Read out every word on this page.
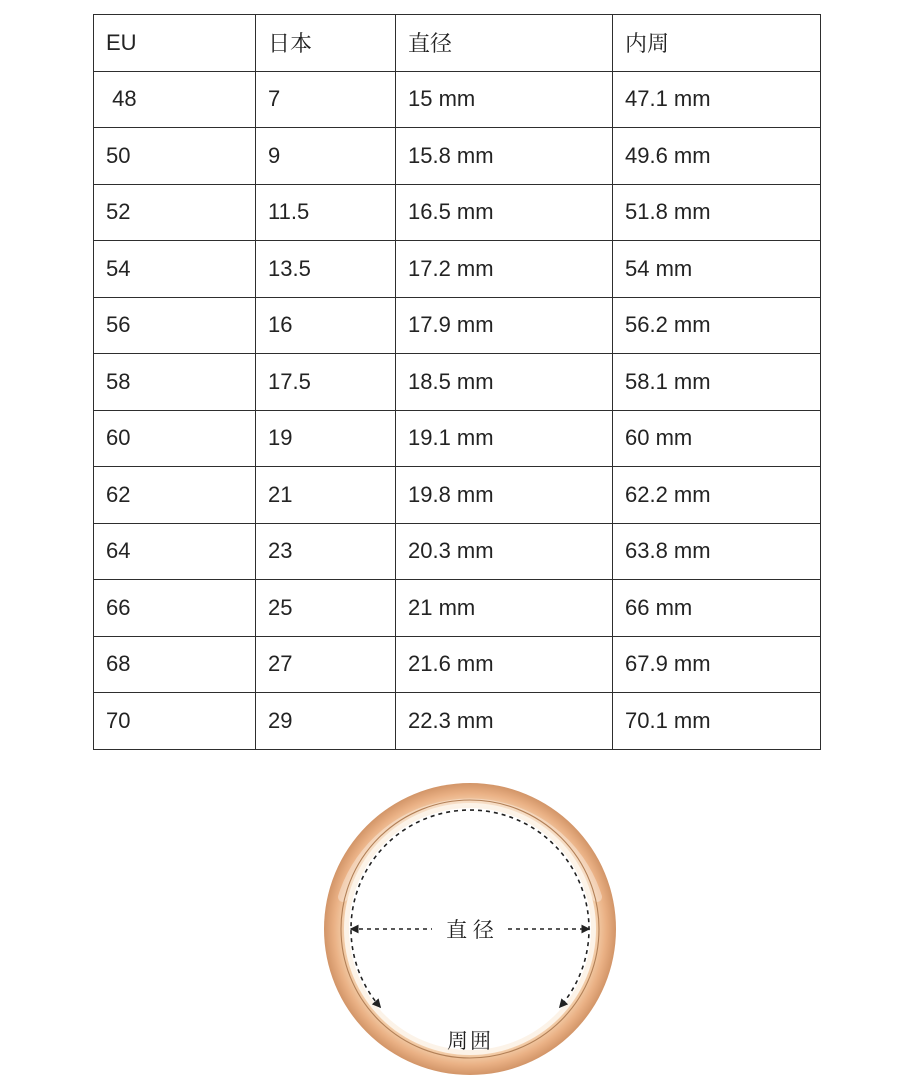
EU	日本	直径	内周
48	7	15 mm	47.1 mm
50	9	15.8 mm	49.6 mm
52	11.5	16.5 mm	51.8 mm
54	13.5	17.2 mm	54 mm
56	16	17.9 mm	56.2 mm
58	17.5	18.5 mm	58.1 mm
60	19	19.1 mm	60 mm
62	21	19.8 mm	62.2 mm
64	23	20.3 mm	63.8 mm
66	25	21 mm	66 mm
68	27	21.6 mm	67.9 mm
70	29	22.3 mm	70.1 mm
直 径
周囲
